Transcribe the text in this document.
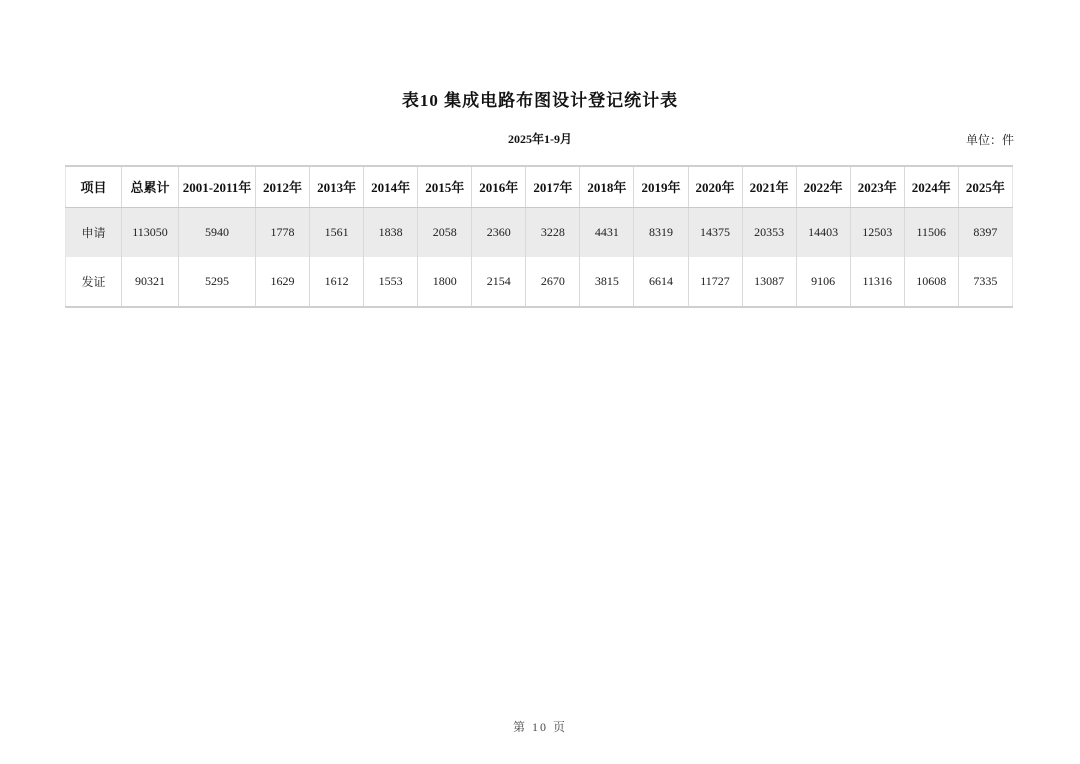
表10 集成电路布图设计登记统计表
2025年1-9月	单位：件
项目	总累计	2001-2011年	2012年	2013年	2014年	2015年	2016年	2017年	2018年	2019年	2020年	2021年	2022年	2023年	2024年	2025年
申请	113050	5940	1778	1561	1838	2058	2360	3228	4431	8319	14375	20353	14403	12503	11506	8397
发证	90321	5295	1629	1612	1553	1800	2154	2670	3815	6614	11727	13087	9106	11316	10608	7335
第 10 页
